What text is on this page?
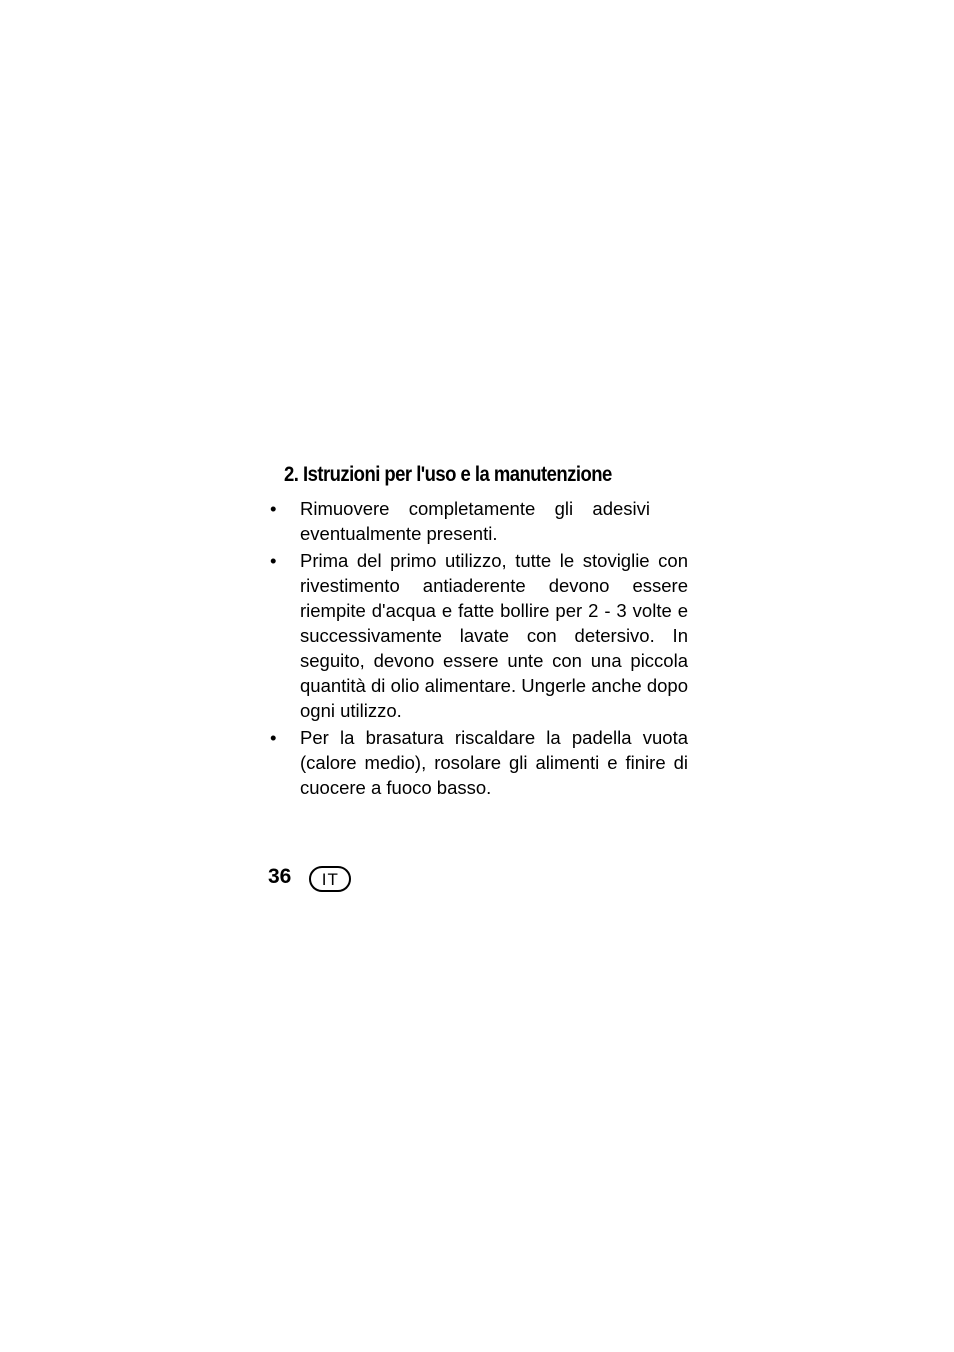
2. Istruzioni per l'uso e la manutenzione
• Rimuovere completamente gli adesivi eventualmente presenti.
• Prima del primo utilizzo, tutte le stoviglie con rivestimento antiaderente devono essere riempite d'acqua e fatte bollire per 2 - 3 volte e successivamente lavate con detersivo. In seguito, devono essere unte con una piccola quantità di olio alimentare. Ungerle anche dopo ogni utilizzo.
• Per la brasatura riscaldare la padella vuota (calore medio), rosolare gli alimenti e finire di cuocere a fuoco basso.
36	IT
